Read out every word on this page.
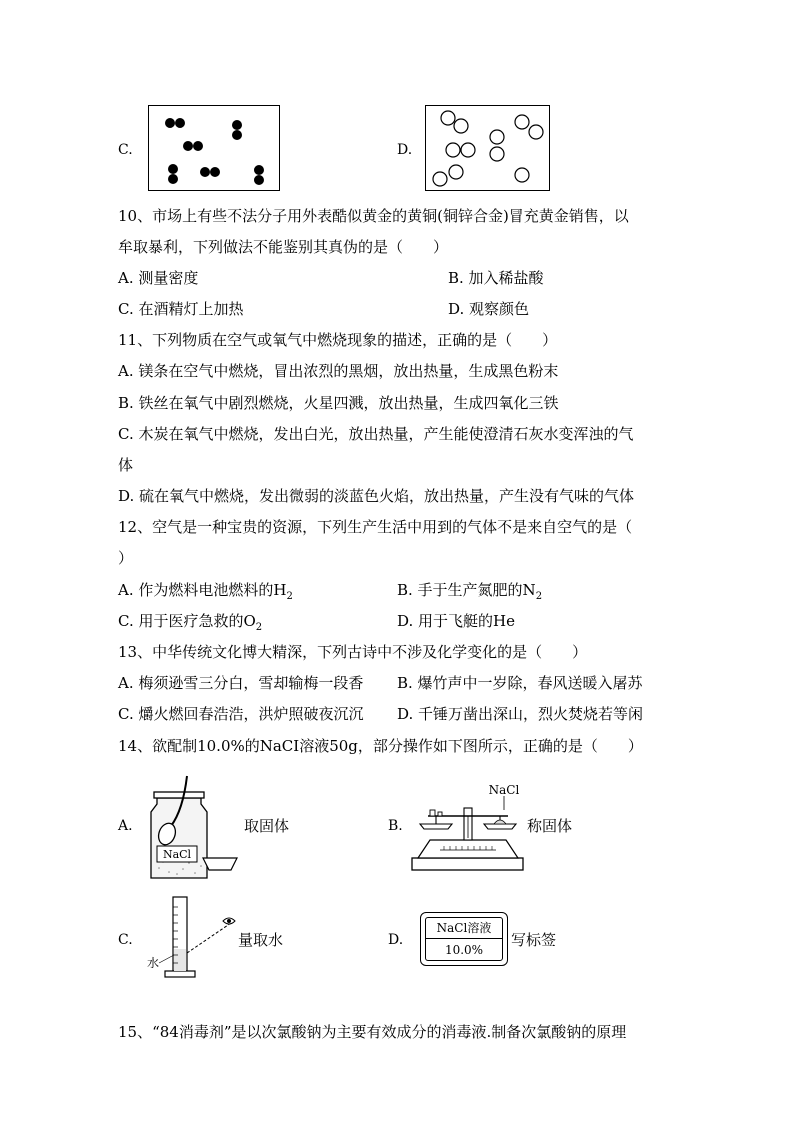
C.	D.
10、市场上有些不法分子用外表酷似黄金的黄铜(铜锌合金)冒充黄金销售，以
牟取暴利，下列做法不能鉴别其真伪的是（　　）
A. 测量密度	B. 加入稀盐酸
C. 在酒精灯上加热	D. 观察颜色
11、下列物质在空气或氧气中燃烧现象的描述，正确的是（　　）
A. 镁条在空气中燃烧，冒出浓烈的黑烟，放出热量，生成黑色粉末
B. 铁丝在氧气中剧烈燃烧，火星四溅，放出热量，生成四氧化三铁
C. 木炭在氧气中燃烧，发出白光，放出热量，产生能使澄清石灰水变浑浊的气
体
D. 硫在氧气中燃烧，发出微弱的淡蓝色火焰，放出热量，产生没有气味的气体
12、空气是一种宝贵的资源，下列生产生活中用到的气体不是来自空气的是（
）
A. 作为燃料电池燃料的$H_2$	B. 手于生产氮肥的$N_2$
C. 用于医疗急救的$O_2$	D. 用于飞艇的He
13、中华传统文化博大精深，下列古诗中不涉及化学变化的是（　　）
A. 梅须逊雪三分白，雪却输梅一段香 B. 爆竹声中一岁除，春风送暖入屠苏
C. 爝火燃回春浩浩，洪炉照破夜沉沉 D. 千锤万凿出深山，烈火焚烧若等闲
14、欲配制10.0%的NaCI溶液50g，部分操作如下图所示，正确的是（　　）
A.
NaCl
取固体	B.
NaCl
称固体
C.
水
量取水	D.
NaCl溶液
10.0%
写标签
15、“84消毒剂”是以次氯酸钠为主要有效成分的消毒液.制备次氯酸钠的原理
